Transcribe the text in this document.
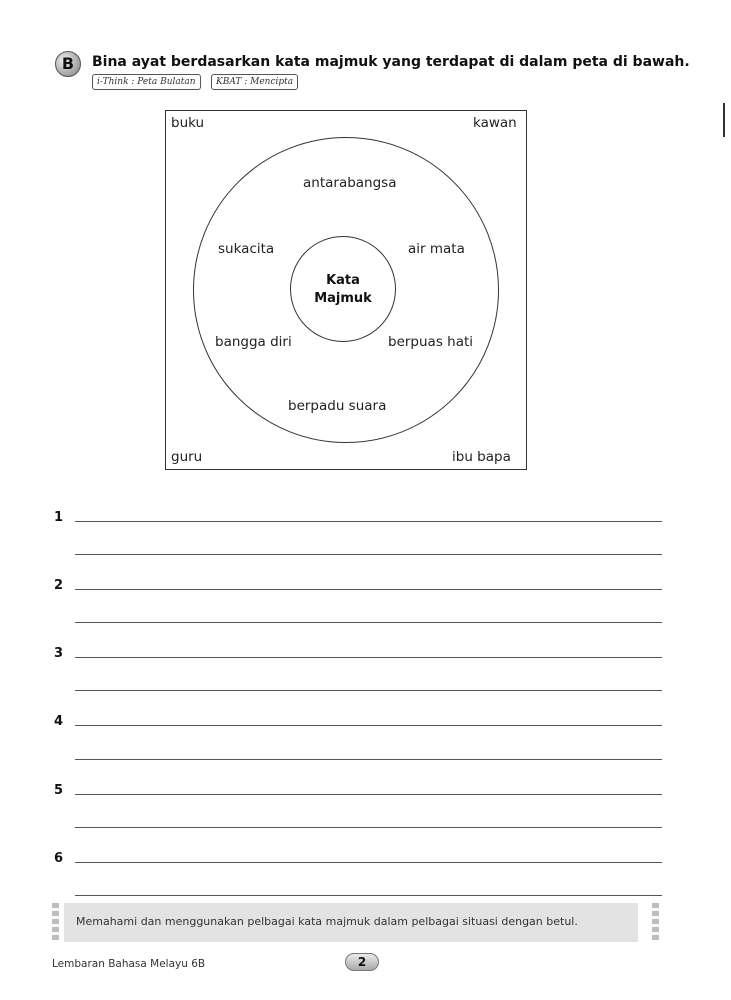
B	Bina ayat berdasarkan kata majmuk yang terdapat di dalam peta di bawah.
i-Think : Peta Bulatan	KBAT : Mencipta
Kata
Majmuk
antarabangsa
sukacita	air mata
bangga diri	berpuas hati
berpadu suara
buku	kawan
guru	ibu bapa
1
2
3
4
5
6
Memahami dan menggunakan pelbagai kata majmuk dalam pelbagai situasi dengan betul.
Lembaran Bahasa Melayu 6B	2
